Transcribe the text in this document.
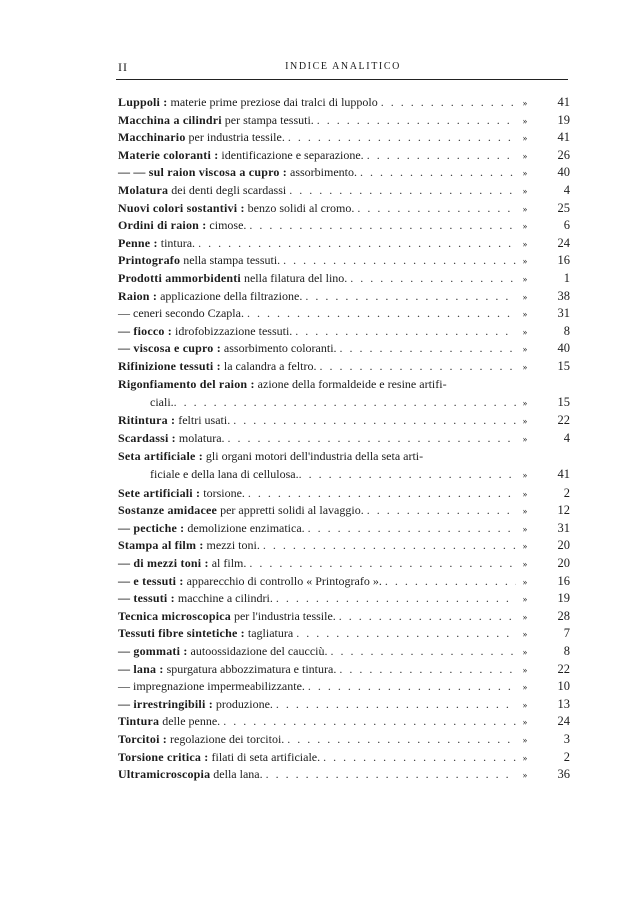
II	INDICE ANALITICO
Luppoli : materie prime preziose dai tralci di luppolo . . .	»	41
Macchina a cilindri per stampa tessuti. . . .	»	19
Macchinario per industria tessile. . . .	»	41
Materie coloranti : identificazione e separazione. . . .	»	26
— — sul raion viscosa a cupro : assorbimento. . . .	»	40
Molatura dei denti degli scardassi . . .	»	4
Nuovi colori sostantivi : benzo solidi al cromo. . . .	»	25
Ordini di raion : cimose. . . .	»	6
Penne : tintura. . . .	»	24
Printografo nella stampa tessuti. . . .	»	16
Prodotti ammorbidenti nella filatura del lino. . . .	»	1
Raion : applicazione della filtrazione. . . .	»	38
— ceneri secondo Czapla. . . .	»	31
— fiocco : idrofobizzazione tessuti. . . .	»	8
— viscosa e cupro : assorbimento coloranti. . . .	»	40
Rifinizione tessuti : la calandra a feltro. . . .	»	15
Rigonfiamento del raion : azione della formaldeide e resine artifi-
ciali. . . .	»	15
Ritintura : feltri usati. . . .	»	22
Scardassi : molatura. . . .	»	4
Seta artificiale : gli organi motori dell'industria della seta arti-
ficiale e della lana di cellulosa. . . .	»	41
Sete artificiali : torsione. . . .	»	2
Sostanze amidacee per appretti solidi al lavaggio. . . .	»	12
— pectiche : demolizione enzimatica. . . .	»	31
Stampa al film : mezzi toni. . . .	»	20
— di mezzi toni : al film. . . .	»	20
— e tessuti : apparecchio di controllo « Printografo ». . . .	»	16
— tessuti : macchine a cilindri. . . .	»	19
Tecnica microscopica per l'industria tessile. . . .	»	28
Tessuti fibre sintetiche : tagliatura . . .	»	7
— gommati : autoossidazione del caucciù. . . .	»	8
— lana : spurgatura abbozzimatura e tintura. . . .	»	22
— impregnazione impermeabilizzante. . . .	»	10
— irrestringibili : produzione. . . .	»	13
Tintura delle penne. . . .	»	24
Torcitoi : regolazione dei torcitoi. . . .	»	3
Torsione critica : filati di seta artificiale. . . .	»	2
Ultramicroscopia della lana. . . .	»	36
